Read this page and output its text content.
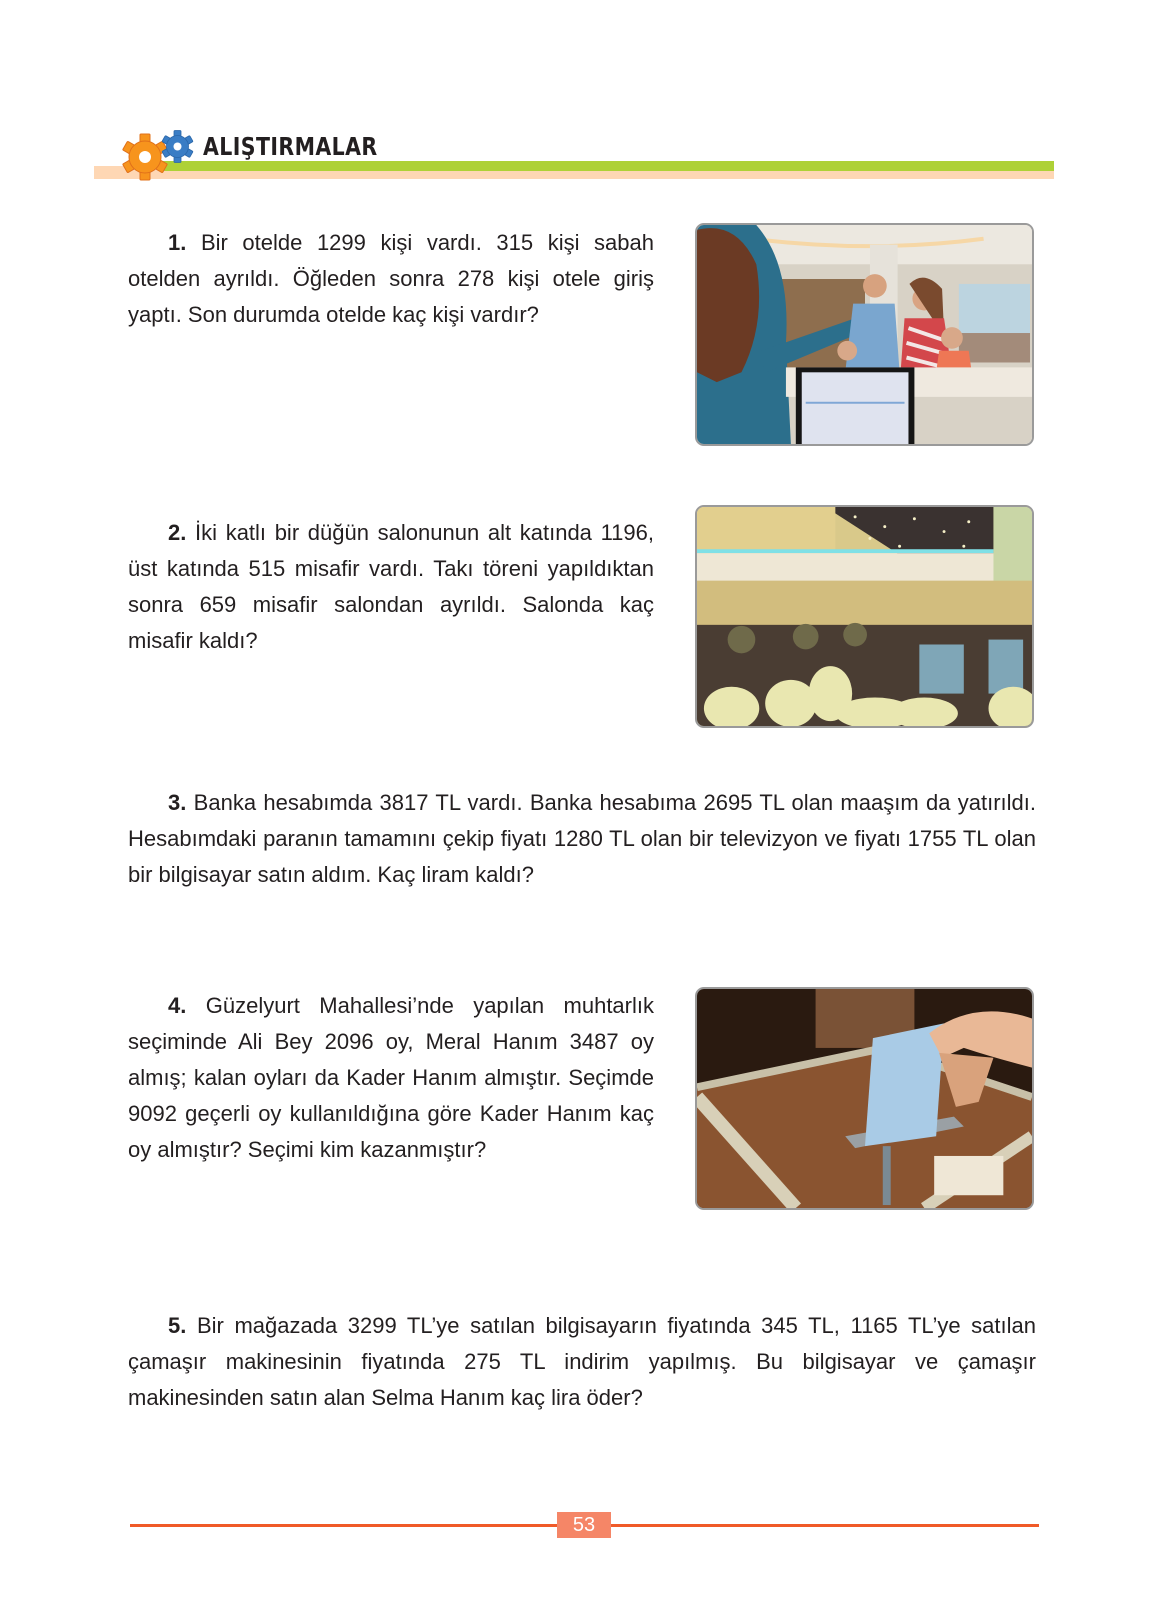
ALIŞTIRMALAR

1. Bir otelde 1299 kişi vardı. 315 kişi sabah otelden ayrıldı. Öğleden sonra 278 kişi otele giriş yaptı. Son durumda otelde kaç kişi vardır?

2. İki katlı bir düğün salonunun alt katında 1196, üst katında 515 misafir vardı. Takı töreni yapıldıktan sonra 659 misafir salondan ayrıldı. Salonda kaç misafir kaldı?

3. Banka hesabımda 3817 TL vardı. Banka hesabıma 2695 TL olan maaşım da yatırıldı. Hesabımdaki paranın tamamını çekip fiyatı 1280 TL olan bir televizyon ve fiyatı 1755 TL olan bir bilgisayar satın aldım. Kaç liram kaldı?

4. Güzelyurt Mahallesi’nde yapılan muhtarlık seçiminde Ali Bey 2096 oy, Meral Hanım 3487 oy almış; kalan oyları da Kader Hanım almıştır. Seçimde 9092 geçerli oy kullanıldığına göre Kader Hanım kaç oy almıştır? Seçimi kim kazanmıştır?

5. Bir mağazada 3299 TL’ye satılan bilgisayarın fiyatında 345 TL, 1165 TL’ye satılan çamaşır makinesinin fiyatında 275 TL indirim yapılmış. Bu bilgisayar ve çamaşır makinesinden satın alan Selma Hanım kaç lira öder?

53
